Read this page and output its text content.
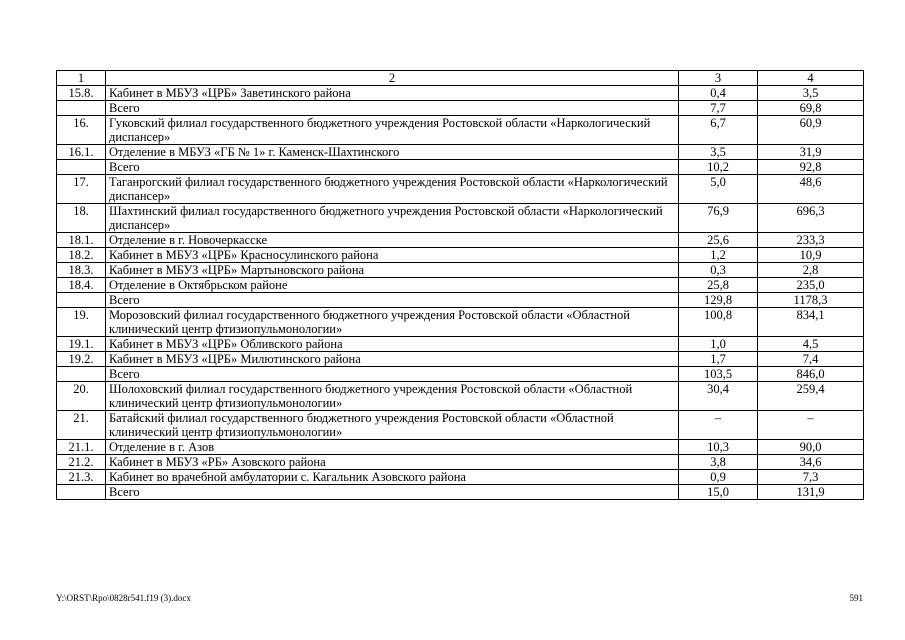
1	2	3	4
15.8.	Кабинет в МБУЗ «ЦРБ» Заветинского района	0,4	3,5
	Всего	7,7	69,8
16.	Гуковский филиал государственного бюджетного учреждения Ростовской области «Наркологический диспансер»	6,7	60,9
16.1.	Отделение в МБУЗ «ГБ № 1» г. Каменск-Шахтинского	3,5	31,9
	Всего	10,2	92,8
17.	Таганрогский филиал государственного бюджетного учреждения Ростовской области «Наркологический диспансер»	5,0	48,6
18.	Шахтинский филиал государственного бюджетного учреждения Ростовской области «Наркологический диспансер»	76,9	696,3
18.1.	Отделение в г. Новочеркасске	25,6	233,3
18.2.	Кабинет в МБУЗ «ЦРБ» Красносулинского района	1,2	10,9
18.3.	Кабинет в МБУЗ «ЦРБ» Мартыновского района	0,3	2,8
18.4.	Отделение в Октябрьском районе	25,8	235,0
	Всего	129,8	1178,3
19.	Морозовский филиал государственного бюджетного учреждения Ростовской области «Областной клинический центр фтизиопульмонологии»	100,8	834,1
19.1.	Кабинет в МБУЗ «ЦРБ» Обливского района	1,0	4,5
19.2.	Кабинет в МБУЗ «ЦРБ» Милютинского района	1,7	7,4
	Всего	103,5	846,0
20.	Шолоховский филиал государственного бюджетного учреждения Ростовской области «Областной клинический центр фтизиопульмонологии»	30,4	259,4
21.	Батайский филиал государственного бюджетного учреждения Ростовской области «Областной клинический центр фтизиопульмонологии»	–	–
21.1.	Отделение в г. Азов	10,3	90,0
21.2.	Кабинет в МБУЗ «РБ» Азовского района	3,8	34,6
21.3.	Кабинет во врачебной амбулатории с. Кагальник Азовского района	0,9	7,3
	Всего	15,0	131,9
Y:\ORST\Rpo\0828r541.f19 (3).docx	591
